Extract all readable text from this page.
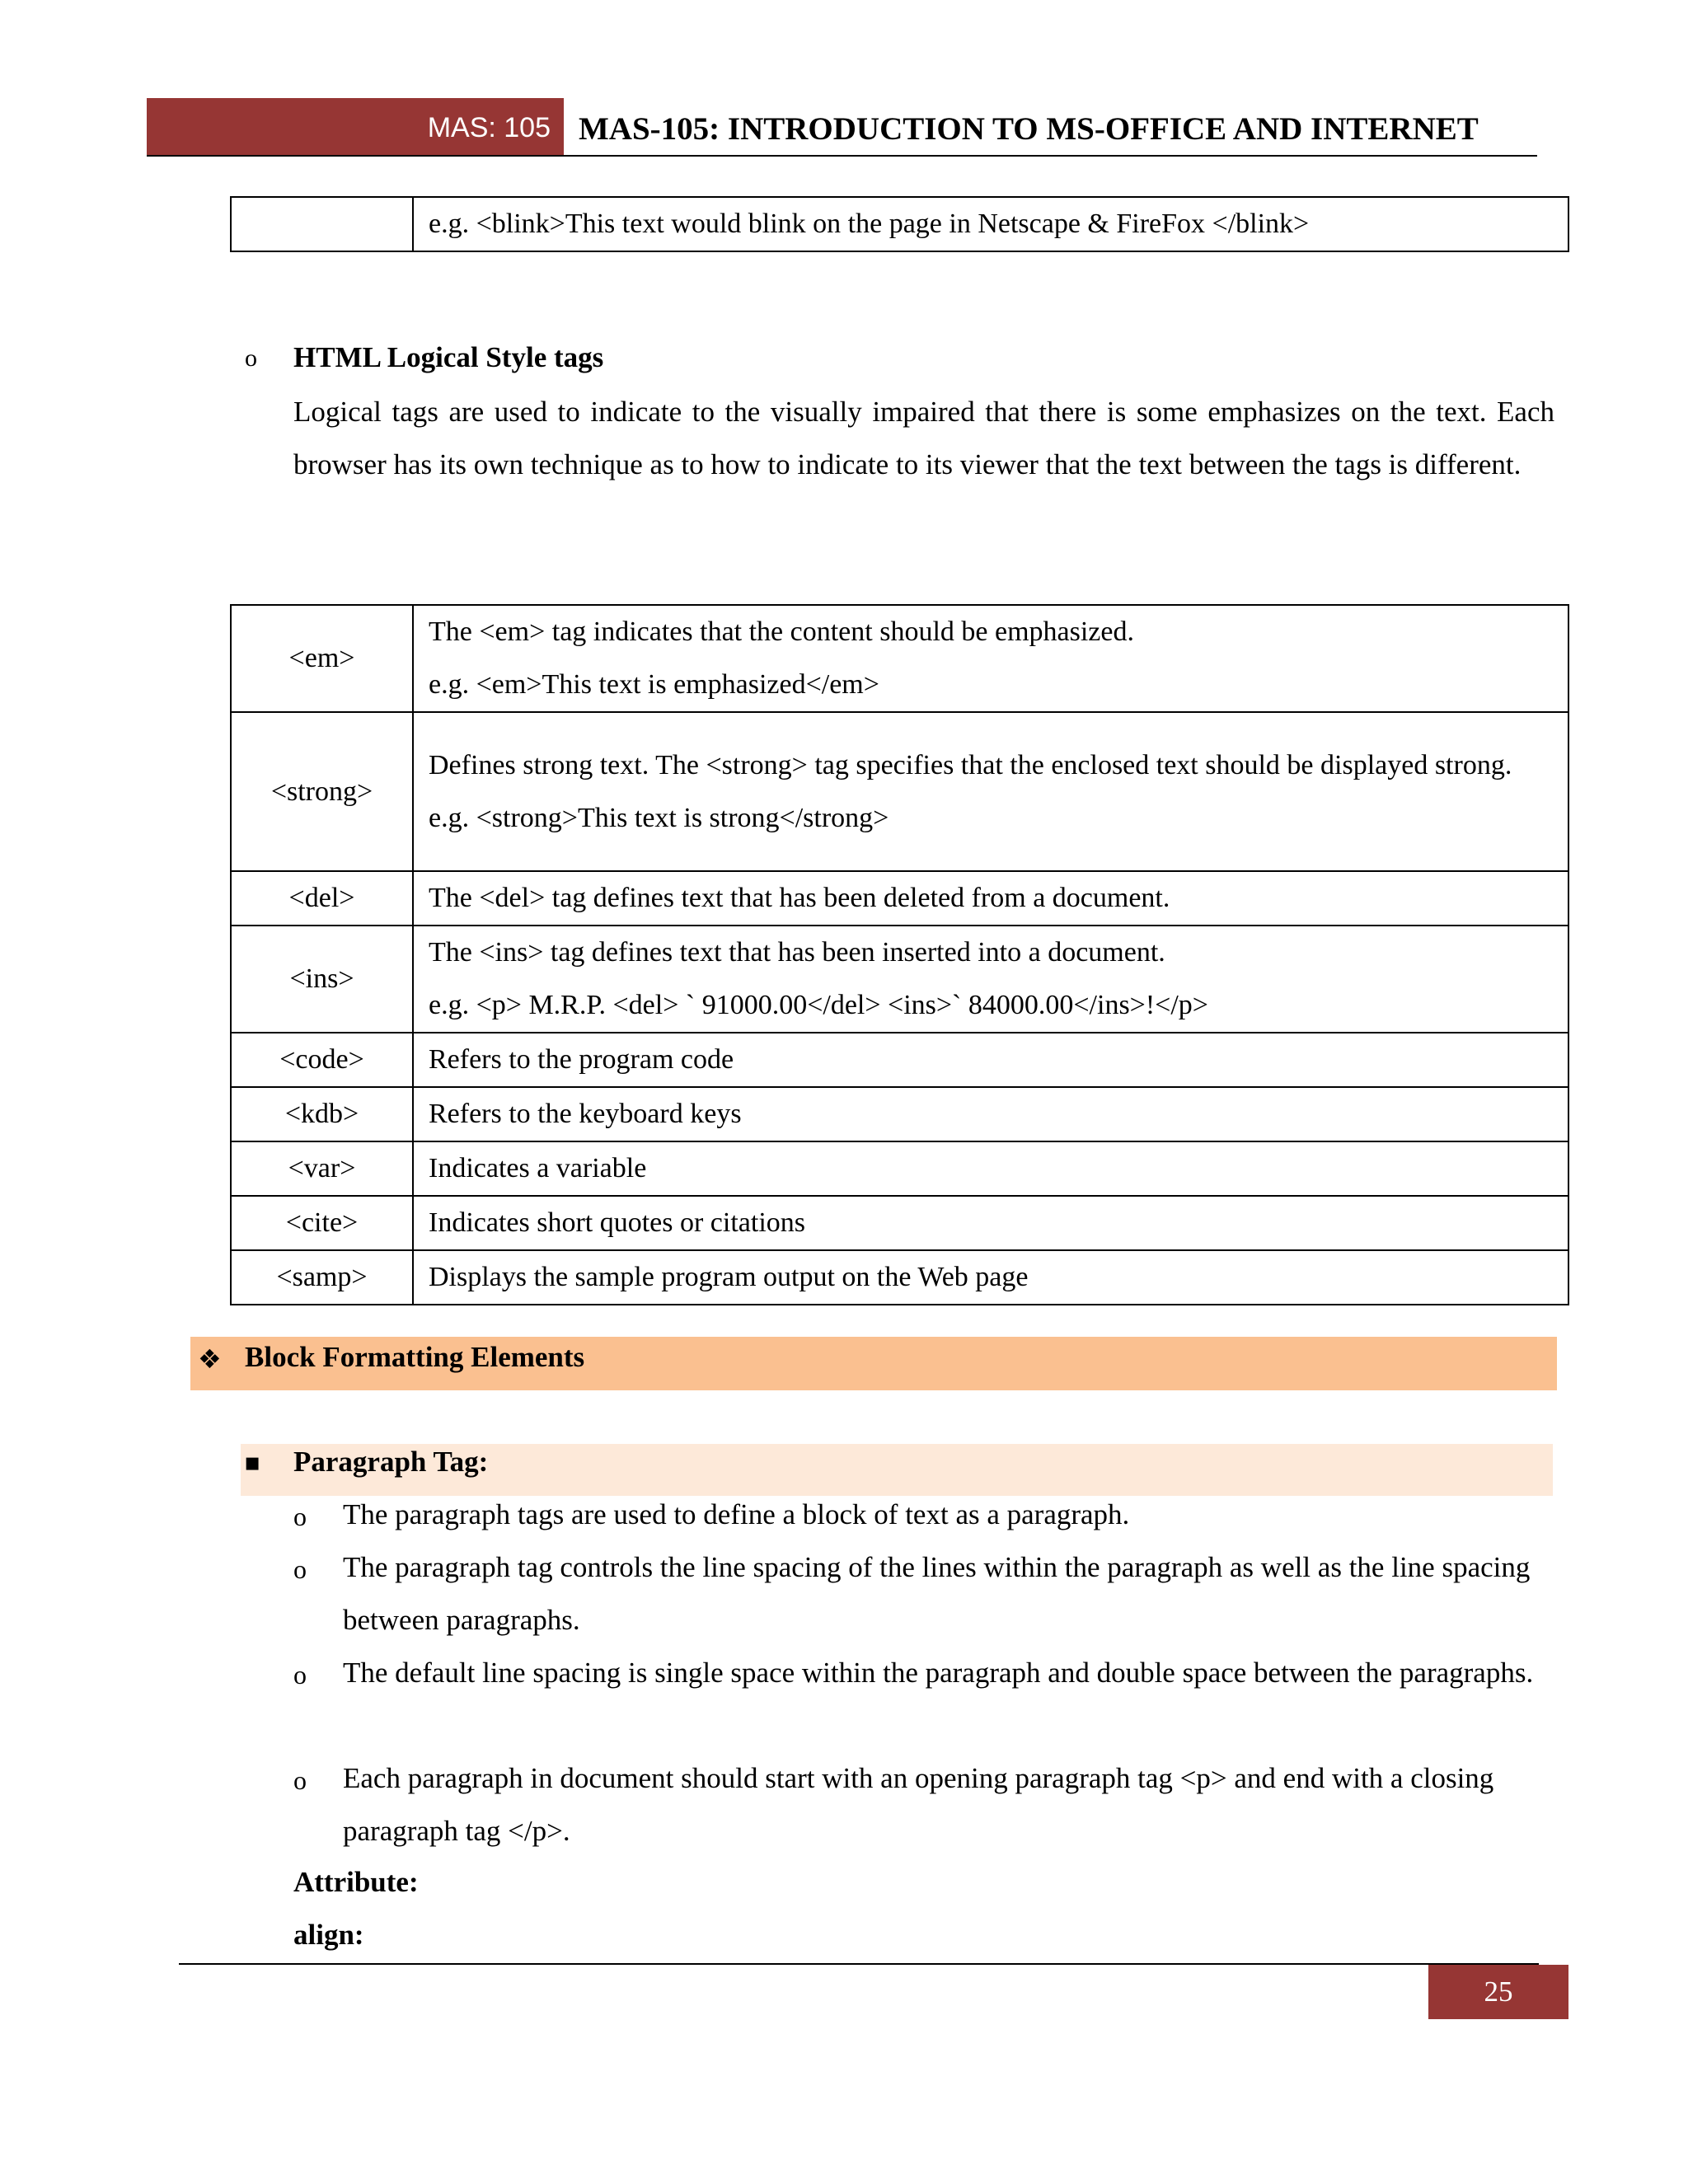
MAS: 105 MAS-105: INTRODUCTION TO MS-OFFICE AND INTERNET

e.g. <blink>This text would blink on the page in Netscape & FireFox </blink>
o HTML Logical Style tags
Logical tags are used to indicate to the visually impaired that there is some emphasizes on the text. Each browser has its own technique as to how to indicate to its viewer that the text between the tags is different.
<em>	The <em> tag indicates that the content should be emphasized.
e.g. <em>This text is emphasized</em>

<strong>	Defines strong text. The <strong> tag specifies that the enclosed text should be displayed strong.
e.g. <strong>This text is strong</strong>

<del>	The <del> tag defines text that has been deleted from a document.

<ins>	The <ins> tag defines text that has been inserted into a document.
e.g. <p> M.R.P. <del> ` 91000.00</del> <ins>` 84000.00</ins>!</p>

<code>	Refers to the program code

<kdb>	Refers to the keyboard keys

<var>	Indicates a variable

<cite>	Indicates short quotes or citations

<samp>	Displays the sample program output on the Web page
❖ Block Formatting Elements
▪ Paragraph Tag:
o The paragraph tags are used to define a block of text as a paragraph.
o The paragraph tag controls the line spacing of the lines within the paragraph as well as the line spacing between paragraphs.
o The default line spacing is single space within the paragraph and double space between the paragraphs.
o Each paragraph in document should start with an opening paragraph tag <p> and end with a closing paragraph tag </p>.
Attribute:
align:
25
